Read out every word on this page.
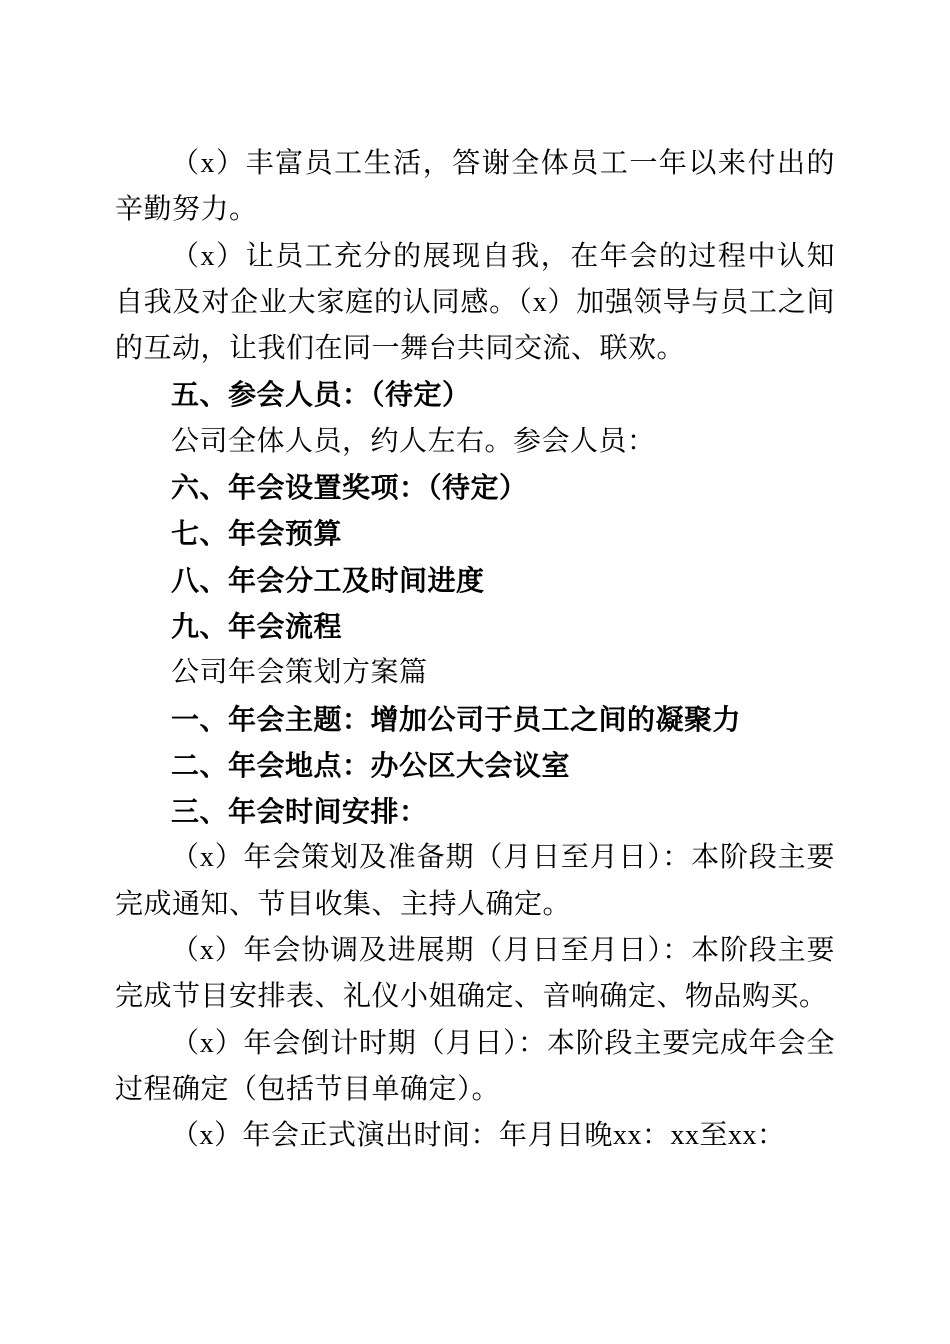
（x）丰富员工生活，答谢全体员工一年以来付出的辛勤努力。

（x）让员工充分的展现自我，在年会的过程中认知自我及对企业大家庭的认同感。（x）加强领导与员工之间的互动，让我们在同一舞台共同交流、联欢。

五、参会人员：（待定）

公司全体人员，约人左右。参会人员：

六、年会设置奖项：（待定）

七、年会预算

八、年会分工及时间进度

九、年会流程

公司年会策划方案篇

一、年会主题：增加公司于员工之间的凝聚力

二、年会地点：办公区大会议室

三、年会时间安排：

（x）年会策划及准备期（月日至月日）：本阶段主要完成通知、节目收集、主持人确定。

（x）年会协调及进展期（月日至月日）：本阶段主要完成节目安排表、礼仪小姐确定、音响确定、物品购买。

（x）年会倒计时期（月日）：本阶段主要完成年会全过程确定（包括节目单确定）。

（x）年会正式演出时间：年月日晚xx：xx至xx：
